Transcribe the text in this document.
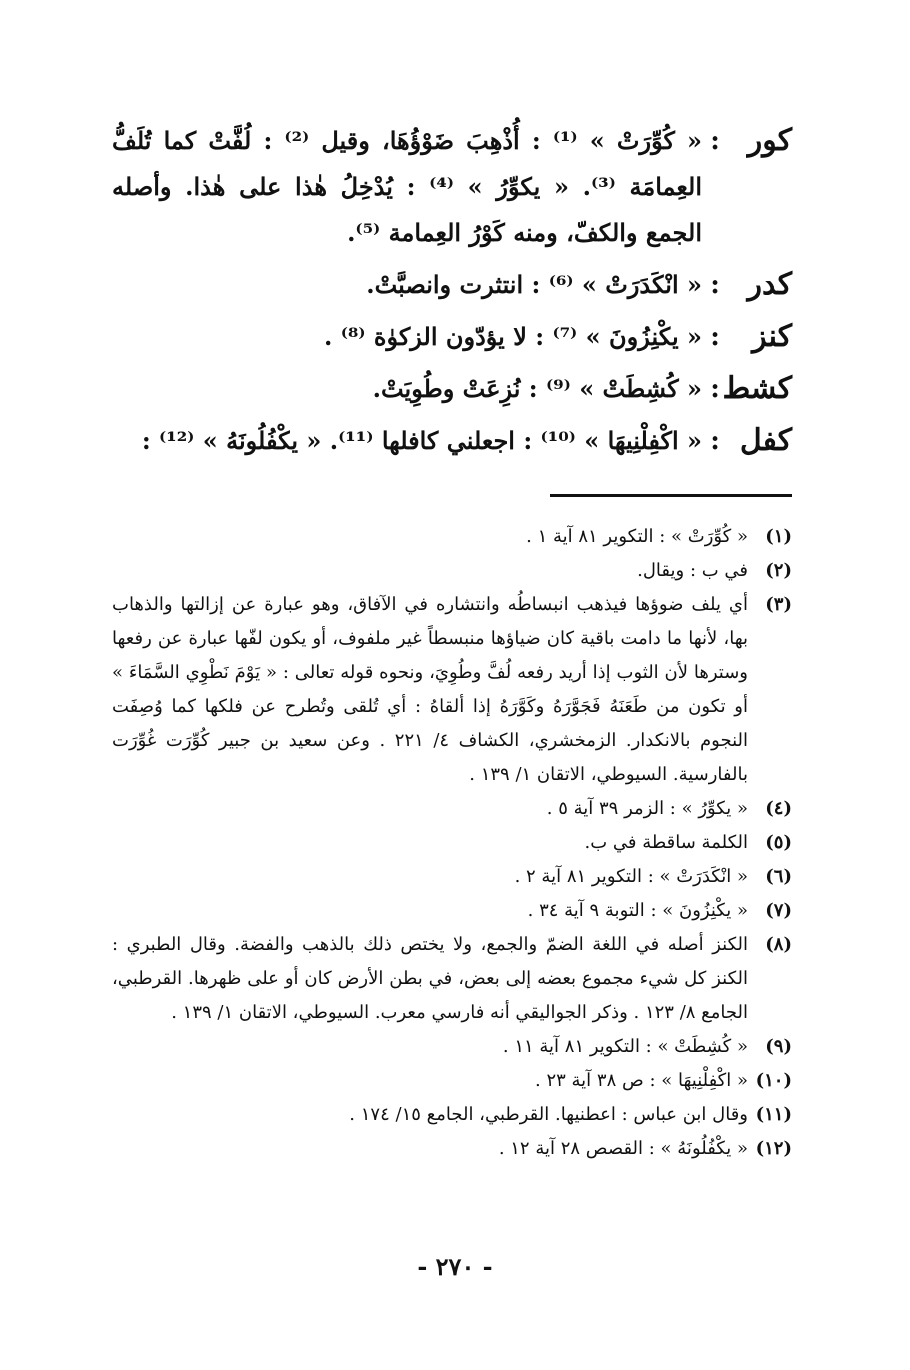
كور
:
« كُوِّرَتْ » ⁽¹⁾ : أُذْهِبَ ضَوْؤُهَا، وقيل ⁽²⁾ : لُفَّتْ كما تُلَفُّ العِمامَة ⁽³⁾. « يكوِّرُ » ⁽⁴⁾ : يُدْخِلُ هٰذا على هٰذا. وأصله الجمع والكفّ، ومنه كَوْرُ العِمامة ⁽⁵⁾.
كدر
:
« انْكَدَرَتْ » ⁽⁶⁾ : انتثرت وانصبَّتْ.
كنز
:
« يكْنِزُونَ » ⁽⁷⁾ : لا يؤدّون الزكوٰة ⁽⁸⁾ .
كشط
:
« كُشِطَتْ » ⁽⁹⁾ : نُزِعَتْ وطُوِيَتْ.
كفل
:
« اكْفِلْنِيهَا » ⁽¹⁰⁾ : اجعلني كافلها ⁽¹¹⁾. « يكْفُلُونَهُ » ⁽¹²⁾ :
(١)
« كُوِّرَتْ » : التكوير ٨١ آية ١ .
(٢)
في ب : ويقال.
(٣)
أي يلف ضوؤها فيذهب انبساطُه وانتشاره في الآفاق، وهو عبارة عن إزالتها والذهاب بها، لأنها ما دامت باقية كان ضياؤها منبسطاً غير ملفوف، أو يكون لفّها عبارة عن رفعها وسترها لأن الثوب إذا أريد رفعه لُفَّ وطُوِيَ، ونحوه قوله تعالى : « يَوْمَ نَطْوِي السَّمَاءَ » أو تكون من طَعَنَهُ فَجَوَّرَهُ وكَوَّرَهُ إذا ألقاهُ : أي تُلقى وتُطرح عن فلكها كما وُصِفَت النجوم بالانكدار. الزمخشري، الكشاف ٤/ ٢٢١ . وعن سعيد بن جبير كُوِّرَت غُوِّرَت بالفارسية. السيوطي، الاتقان ١/ ١٣٩ .
(٤)
« يكوِّرُ » : الزمر ٣٩ آية ٥ .
(٥)
الكلمة ساقطة في ب.
(٦)
« انْكَدَرَتْ » : التكوير ٨١ آية ٢ .
(٧)
« يكْنِزُونَ » : التوبة ٩ آية ٣٤ .
(٨)
الكنز أصله في اللغة الضمّ والجمع، ولا يختص ذلك بالذهب والفضة. وقال الطبري : الكنز كل شيء مجموع بعضه إلى بعض، في بطن الأرض كان أو على ظهرها. القرطبي، الجامع ٨/ ١٢٣ . وذكر الجواليقي أنه فارسي معرب. السيوطي، الاتقان ١/ ١٣٩ .
(٩)
« كُشِطَتْ » : التكوير ٨١ آية ١١ .
(١٠)
« اكْفِلْنِيهَا » : ص ٣٨ آية ٢٣ .
(١١)
وقال ابن عباس : اعطنيها. القرطبي، الجامع ١٥/ ١٧٤ .
(١٢)
« يكْفُلُونَهُ » : القصص ٢٨ آية ١٢ .
- ٢٧٠ -
